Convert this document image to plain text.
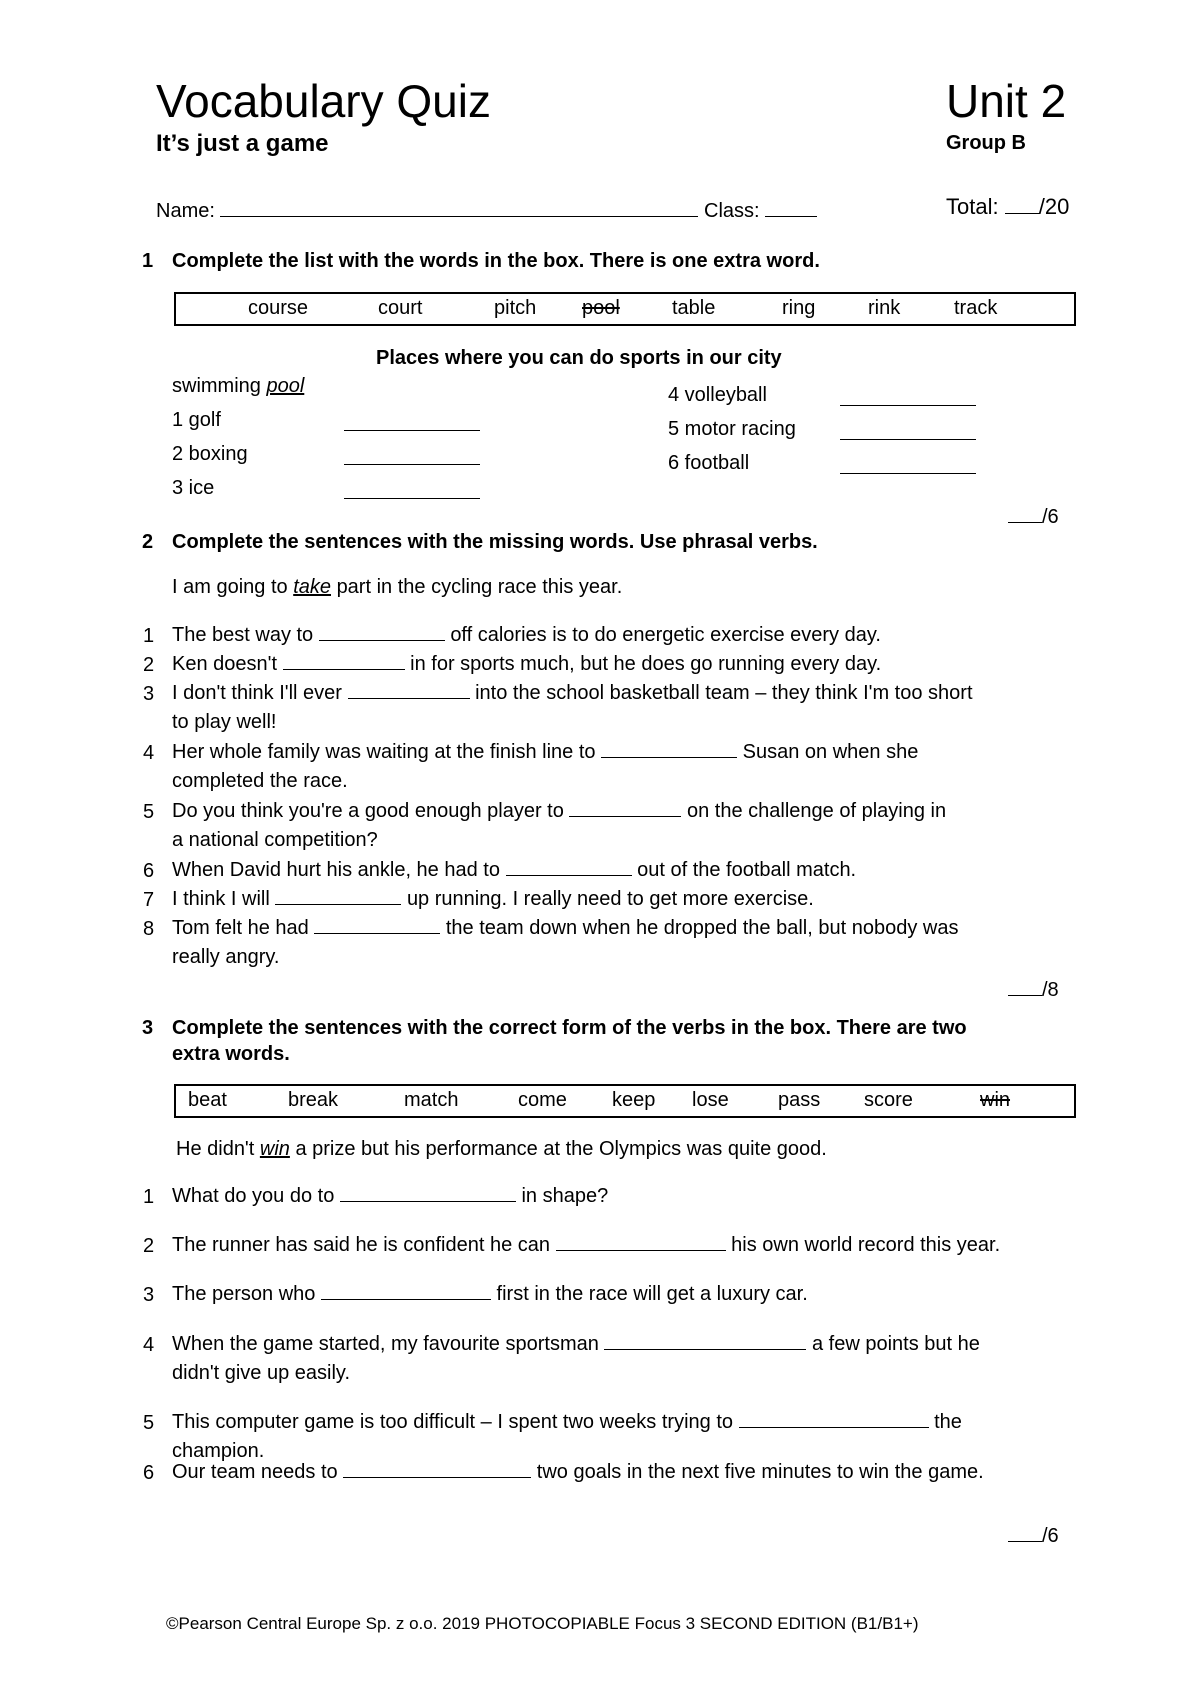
Vocabulary Quiz	Unit 2
It’s just a game	Group B
Name:	Class:	Total: /20
1 Complete the list with the words in the box. There is one extra word.
course	court	pitch pool	table	ring	rink	track
Places where you can do sports in our city
swimming pool
1 golf
2 boxing
3 ice
4 volleyball
5 motor racing
6 football
/6
2 Complete the sentences with the missing words. Use phrasal verbs.
I am going to take part in the cycling race this year.
1 The best way to	off calories is to do energetic exercise every day.
2 Ken doesn't	in for sports much, but he does go running every day.
3 I don't think I'll ever	into the school basketball team – they think I'm too short
to play well!
4 Her whole family was waiting at the finish line to	Susan on when she
completed the race.
5 Do you think you're a good enough player to	on the challenge of playing in
a national competition?
6 When David hurt his ankle, he had to	out of the football match.
7 I think I will	up running. I really need to get more exercise.
8 Tom felt he had	the team down when he dropped the ball, but nobody was
really angry.
/8
3 Complete the sentences with the correct form of the verbs in the box. There are two
extra words.
beat	break	match	come keep lose pass score	win
He didn't win a prize but his performance at the Olympics was quite good.
1 What do you do to	in shape?
2 The runner has said he is confident he can	his own world record this year.
3 The person who	first in the race will get a luxury car.
4 When the game started, my favourite sportsman	a few points but he
didn't give up easily.
5 This computer game is too difficult – I spent two weeks trying to	the
champion.
6 Our team needs to	two goals in the next five minutes to win the game.
/6
©Pearson Central Europe Sp. z o.o. 2019 PHOTOCOPIABLE Focus 3 SECOND EDITION (B1/B1+)
